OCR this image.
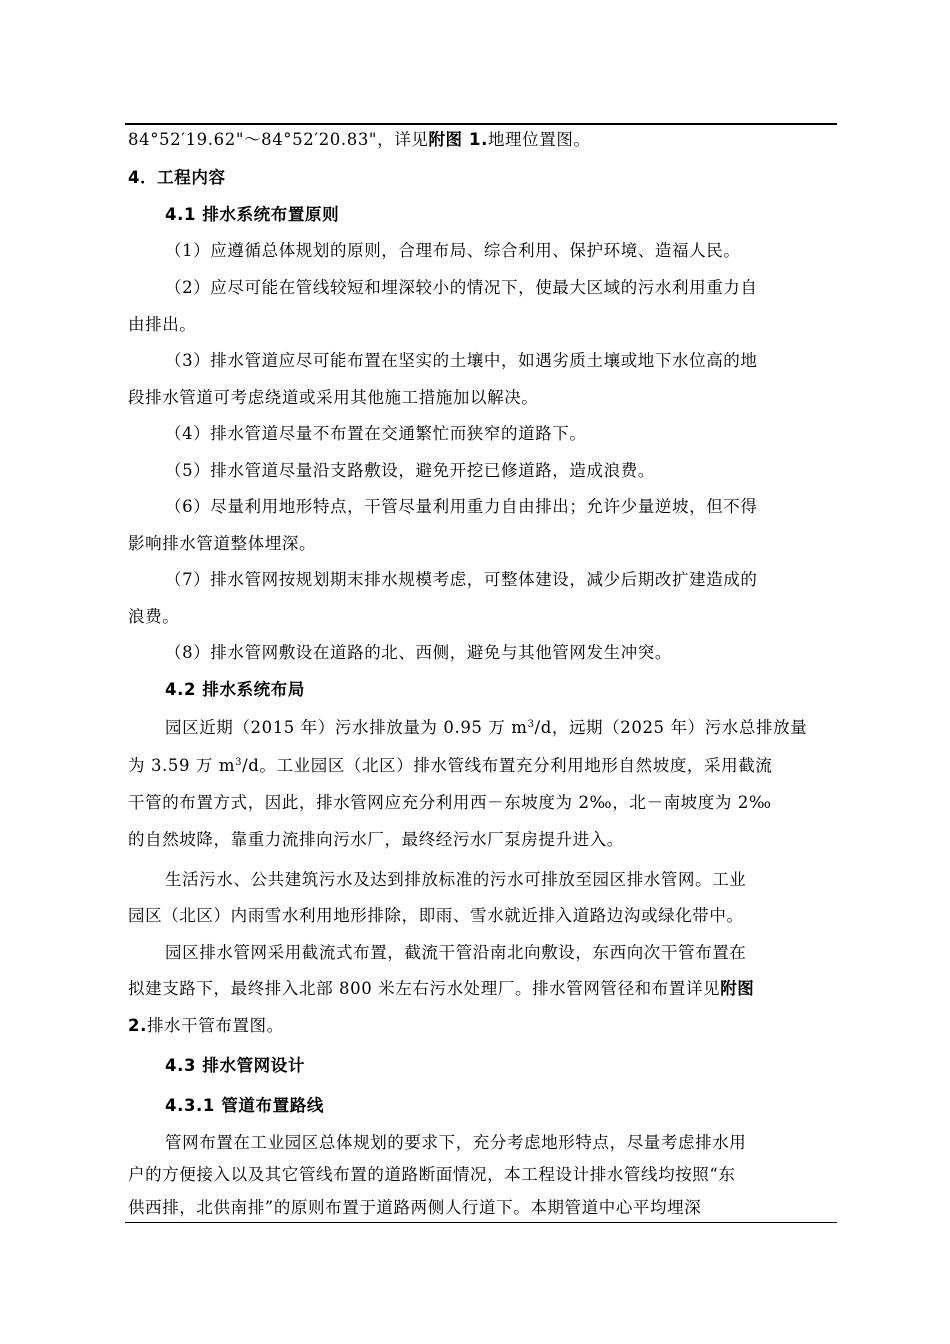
84°52′19.62"～84°52′20.83"，详见附图 1.地理位置图。
4．工程内容
4.1 排水系统布置原则
（1）应遵循总体规划的原则，合理布局、综合利用、保护环境、造福人民。
（2）应尽可能在管线较短和埋深较小的情况下，使最大区域的污水利用重力自
由排出。
（3）排水管道应尽可能布置在坚实的土壤中，如遇劣质土壤或地下水位高的地
段排水管道可考虑绕道或采用其他施工措施加以解决。
（4）排水管道尽量不布置在交通繁忙而狭窄的道路下。
（5）排水管道尽量沿支路敷设，避免开挖已修道路，造成浪费。
（6）尽量利用地形特点，干管尽量利用重力自由排出；允许少量逆坡，但不得
影响排水管道整体埋深。
（7）排水管网按规划期末排水规模考虑，可整体建设，减少后期改扩建造成的
浪费。
（8）排水管网敷设在道路的北、西侧，避免与其他管网发生冲突。
4.2 排水系统布局
园区近期（2015 年）污水排放量为 0.95 万 $m^3/d$，远期（2025 年）污水总排放量
为 3.59 万 $m^3/d$。工业园区（北区）排水管线布置充分利用地形自然坡度，采用截流
干管的布置方式，因此，排水管网应充分利用西－东坡度为 2‰，北－南坡度为 2‰
的自然坡降，靠重力流排向污水厂，最终经污水厂泵房提升进入。
生活污水、公共建筑污水及达到排放标准的污水可排放至园区排水管网。工业
园区（北区）内雨雪水利用地形排除，即雨、雪水就近排入道路边沟或绿化带中。
园区排水管网采用截流式布置，截流干管沿南北向敷设，东西向次干管布置在
拟建支路下，最终排入北部 800 米左右污水处理厂。排水管网管径和布置详见附图
2.排水干管布置图。
4.3 排水管网设计
4.3.1 管道布置路线
管网布置在工业园区总体规划的要求下，充分考虑地形特点，尽量考虑排水用
户的方便接入以及其它管线布置的道路断面情况，本工程设计排水管线均按照“东
供西排，北供南排”的原则布置于道路两侧人行道下。本期管道中心平均埋深
